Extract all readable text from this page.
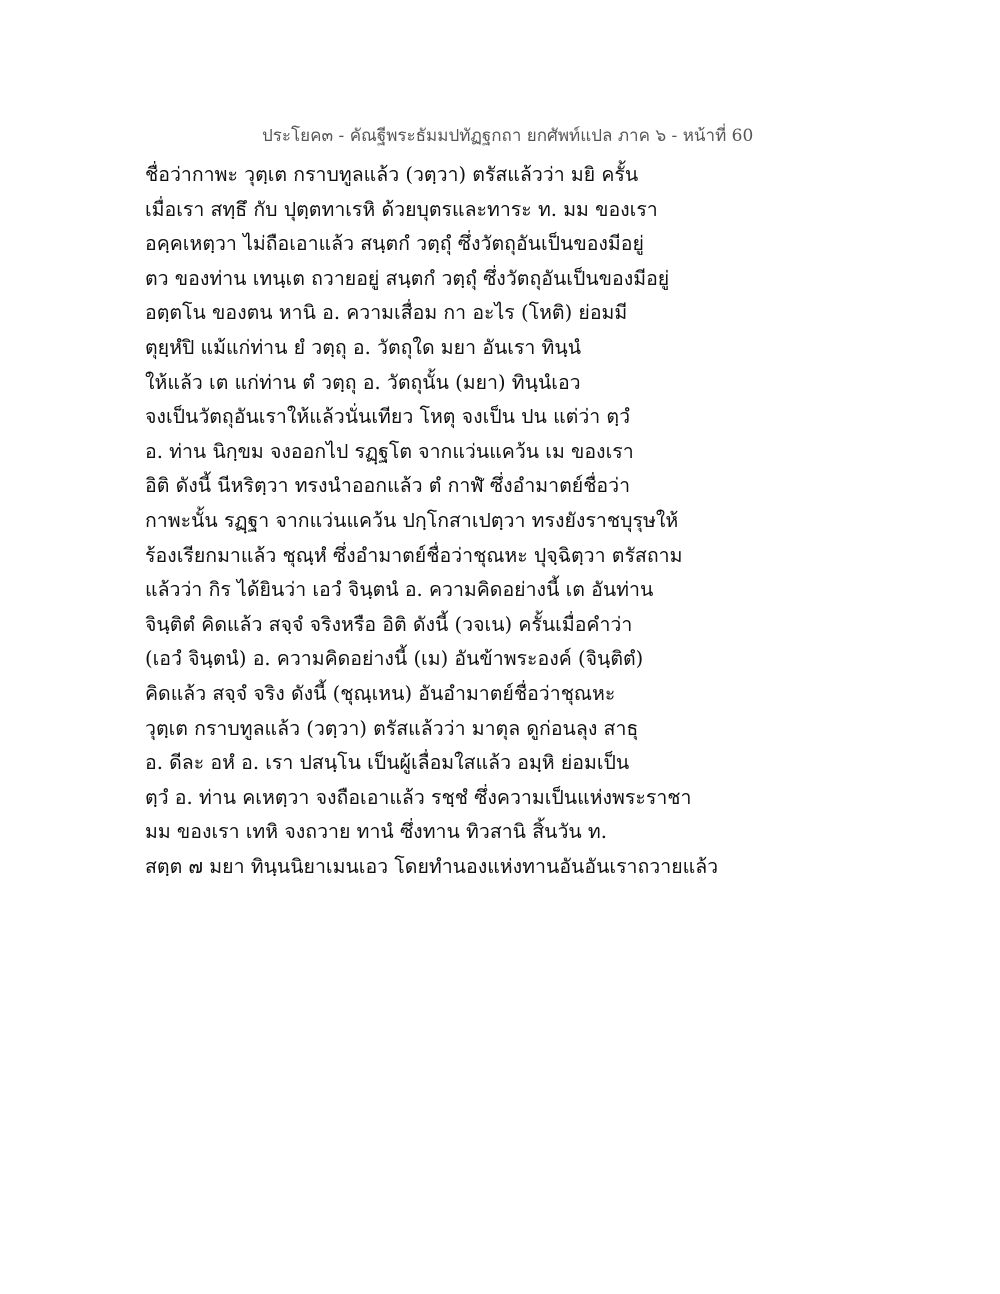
ประโยค๓ - คัณฐีพระธัมมปทัฏฐกถา ยกศัพท์แปล ภาค ๖ - หน้าที่ 60
ชื่อว่ากาพะ วุตฺเต กราบทูลแล้ว (วตฺวา) ตรัสแล้วว่า มยิ ครั้น
เมื่อเรา สทฺธึ กับ ปุตฺตทาเรหิ ด้วยบุตรและทาระ ท. มม ของเรา
อคฺคเหตฺวา ไม่ถือเอาแล้ว สนฺตกํ วตฺถุํ ซึ่งวัตถุอันเป็นของมีอยู่
ตว ของท่าน เทนฺเต ถวายอยู่ สนฺตกํ วตฺถุํ ซึ่งวัตถุอันเป็นของมีอยู่
อตฺตโน ของตน หานิ อ. ความเสื่อม กา อะไร (โหติ) ย่อมมี
ตุยฺหํปิ แม้แก่ท่าน ยํ วตฺถุ อ. วัตถุใด มยา อันเรา ทินฺนํ
ให้แล้ว เต แก่ท่าน ตํ วตฺถุ อ. วัตถุนั้น (มยา) ทินฺนํเอว
จงเป็นวัตถุอันเราให้แล้วนั่นเทียว โหตุ จงเป็น ปน แต่ว่า ตฺวํ
อ. ท่าน นิกฺขม จงออกไป รฏฺฐโต จากแว่นแคว้น เม ของเรา
อิติ ดังนี้ นีหริตฺวา ทรงนำออกแล้ว ตํ กาฬํ ซึ่งอำมาตย์ชื่อว่า
กาพะนั้น รฏฺฐา จากแว่นแคว้น ปกฺโกสาเปตฺวา ทรงยังราชบุรุษให้
ร้องเรียกมาแล้ว ชุณฺหํ ซึ่งอำมาตย์ชื่อว่าชุณหะ ปุจฺฉิตฺวา ตรัสถาม
แล้วว่า กิร ได้ยินว่า เอวํ จินฺตนํ อ. ความคิดอย่างนี้ เต อันท่าน
จินฺติตํ คิดแล้ว สจฺจํ จริงหรือ อิติ ดังนี้ (วจเน) ครั้นเมื่อคำว่า
(เอวํ จินฺตนํ) อ. ความคิดอย่างนี้ (เม) อันข้าพระองค์ (จินฺติตํ)
คิดแล้ว สจฺจํ จริง ดังนี้ (ชุณฺเหน) อันอำมาตย์ชื่อว่าชุณหะ
วุตฺเต กราบทูลแล้ว (วตฺวา) ตรัสแล้วว่า มาตุล ดูก่อนลุง สาธุ
อ. ดีละ อหํ อ. เรา ปสนฺโน เป็นผู้เลื่อมใสแล้ว อมฺหิ ย่อมเป็น
ตฺวํ อ. ท่าน คเหตฺวา จงถือเอาแล้ว รชฺชํ ซึ่งความเป็นแห่งพระราชา
มม ของเรา เทหิ จงถวาย ทานํ ซึ่งทาน ทิวสานิ สิ้นวัน ท.
สตฺต ๗ มยา ทินฺนนิยาเมนเอว โดยทำนองแห่งทานอันอันเราถวายแล้ว
